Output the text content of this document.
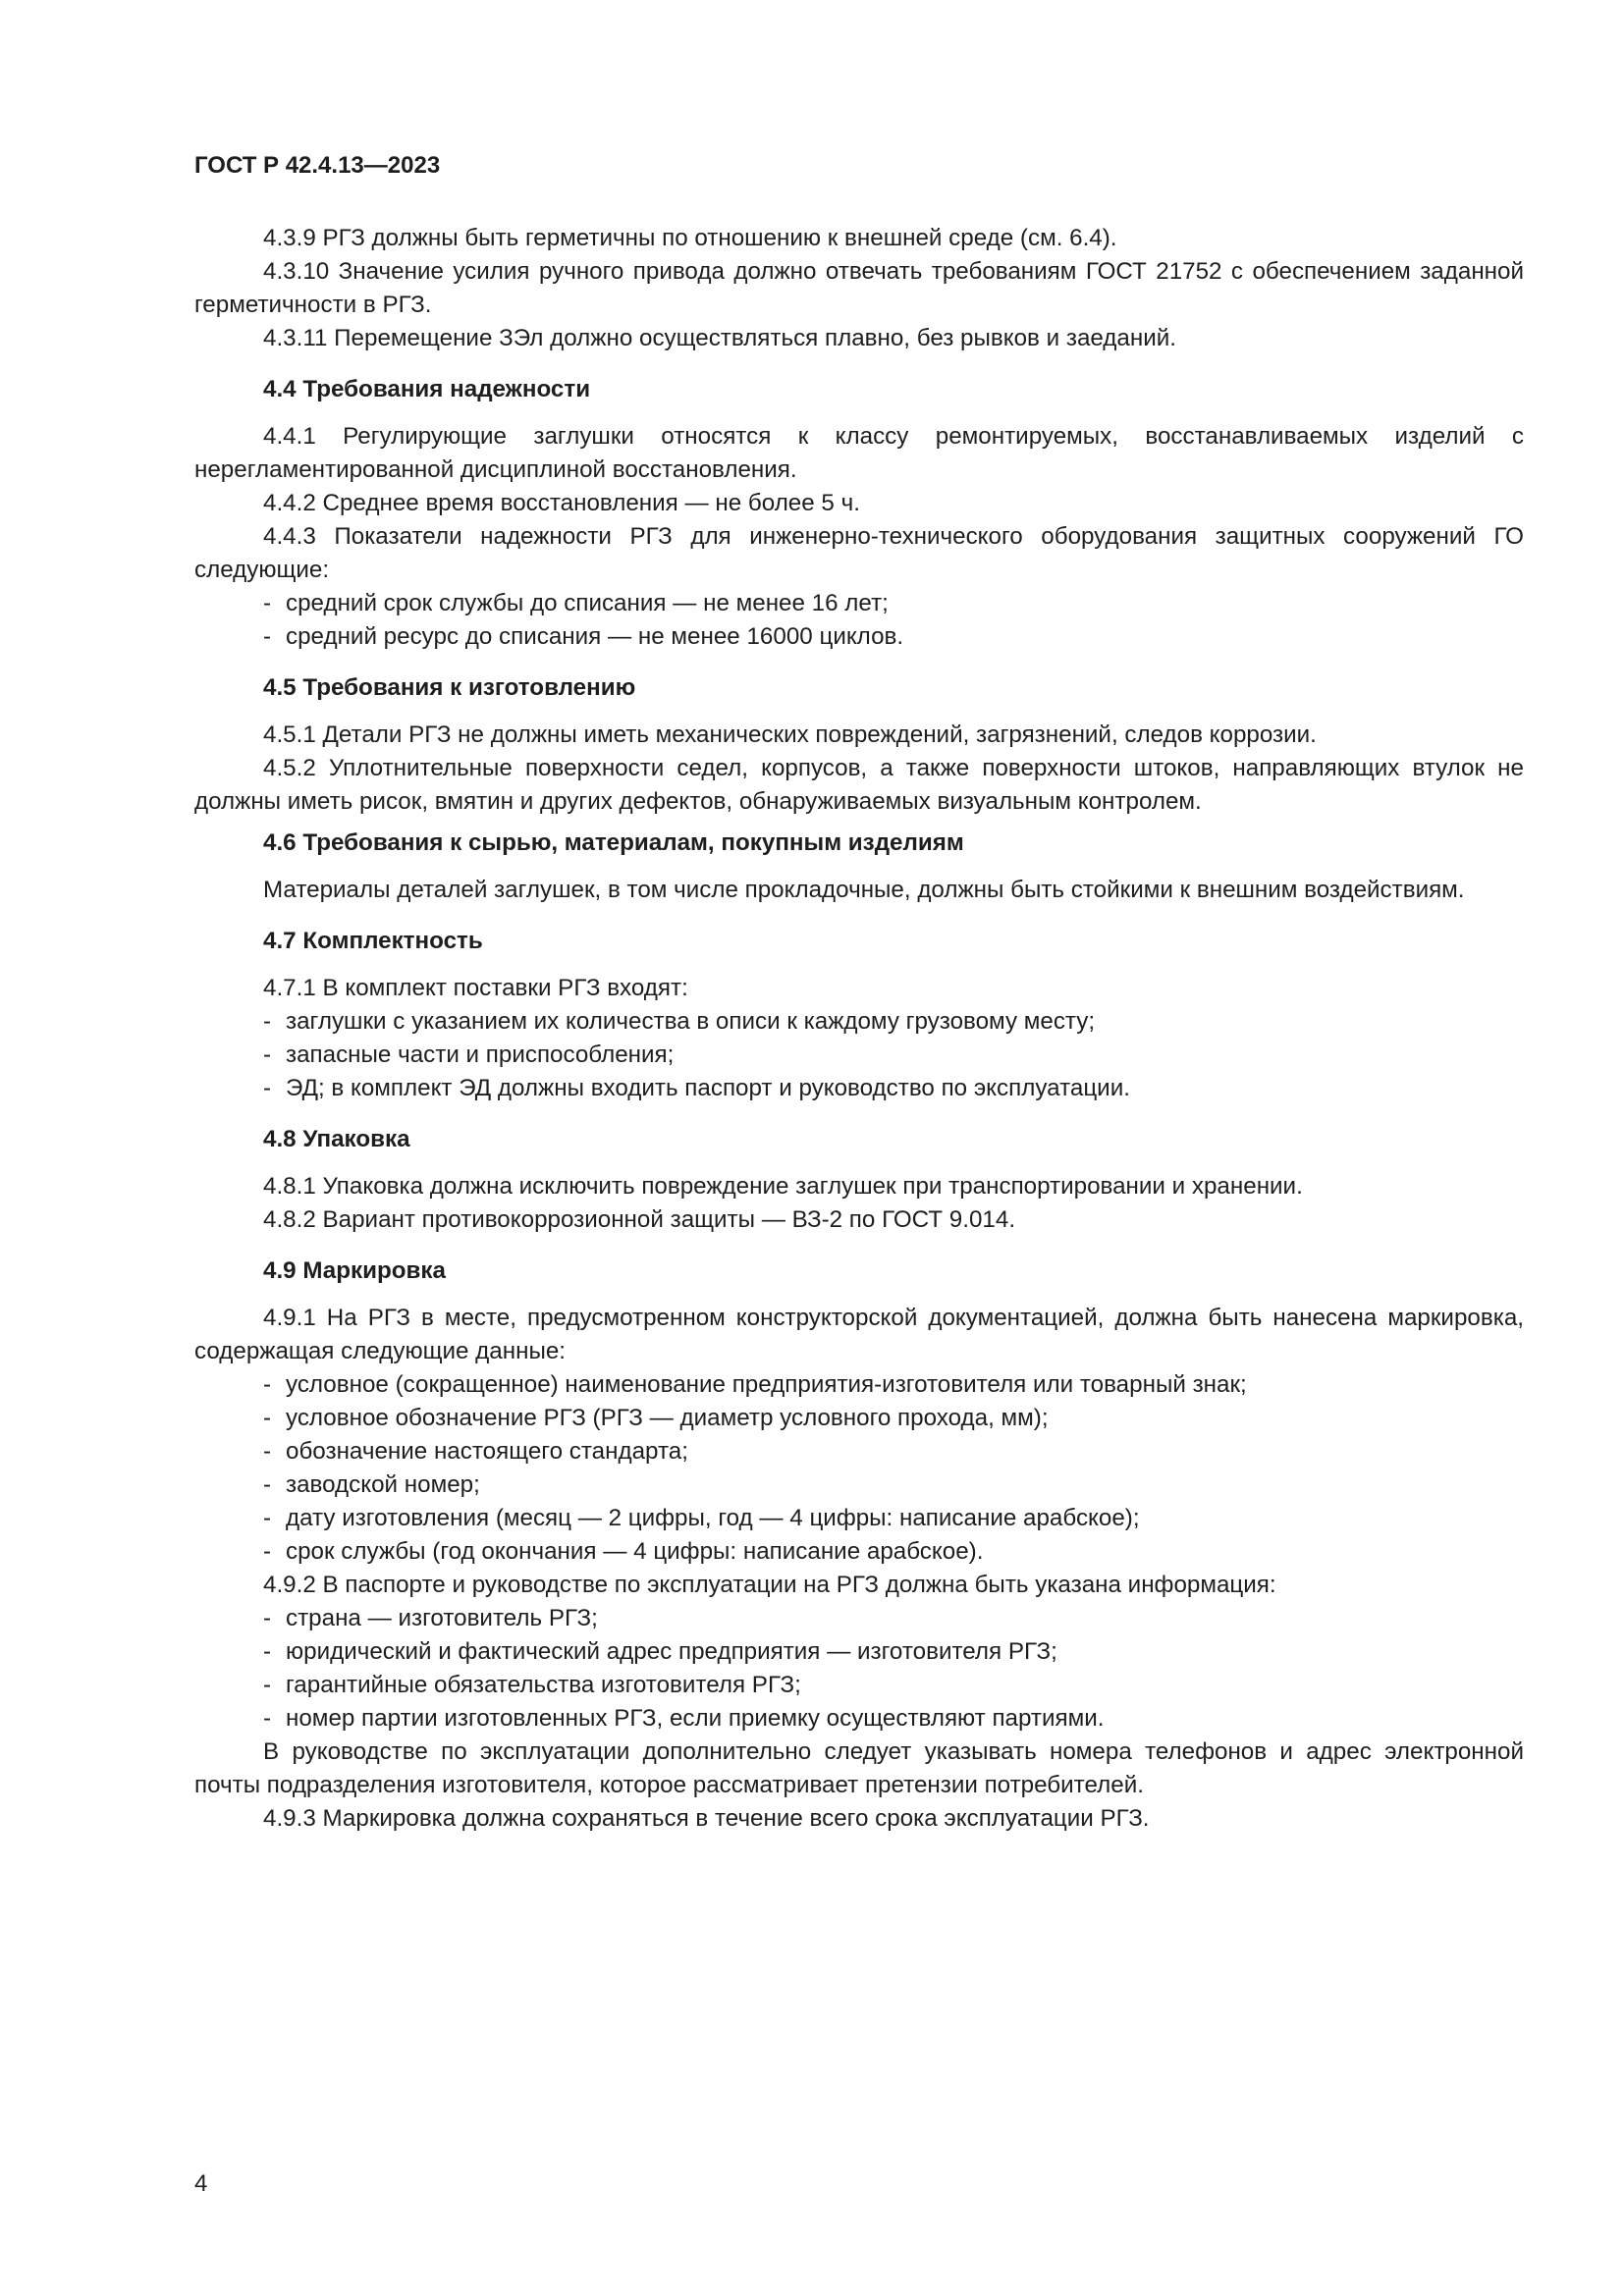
ГОСТ Р 42.4.13—2023

4.3.9 РГЗ должны быть герметичны по отношению к внешней среде (см. 6.4).

4.3.10 Значение усилия ручного привода должно отвечать требованиям ГОСТ 21752 с обеспечением заданной герметичности в РГЗ.

4.3.11 Перемещение ЗЭл должно осуществляться плавно, без рывков и заеданий.

4.4 Требования надежности

4.4.1 Регулирующие заглушки относятся к классу ремонтируемых, восстанавливаемых изделий с нерегламентированной дисциплиной восстановления.

4.4.2 Среднее время восстановления — не более 5 ч.

4.4.3 Показатели надежности РГЗ для инженерно-технического оборудования защитных сооружений ГО следующие:

- средний срок службы до списания — не менее 16 лет;

- средний ресурс до списания — не менее 16000 циклов.

4.5 Требования к изготовлению

4.5.1 Детали РГЗ не должны иметь механических повреждений, загрязнений, следов коррозии.

4.5.2 Уплотнительные поверхности седел, корпусов, а также поверхности штоков, направляющих втулок не должны иметь рисок, вмятин и других дефектов, обнаруживаемых визуальным контролем.

4.6 Требования к сырью, материалам, покупным изделиям

Материалы деталей заглушек, в том числе прокладочные, должны быть стойкими к внешним воздействиям.

4.7 Комплектность

4.7.1 В комплект поставки РГЗ входят:

- заглушки с указанием их количества в описи к каждому грузовому месту;

- запасные части и приспособления;

- ЭД; в комплект ЭД должны входить паспорт и руководство по эксплуатации.

4.8 Упаковка

4.8.1 Упаковка должна исключить повреждение заглушек при транспортировании и хранении.

4.8.2 Вариант противокоррозионной защиты — ВЗ-2 по ГОСТ 9.014.

4.9 Маркировка

4.9.1 На РГЗ в месте, предусмотренном конструкторской документацией, должна быть нанесена маркировка, содержащая следующие данные:

- условное (сокращенное) наименование предприятия-изготовителя или товарный знак;

- условное обозначение РГЗ (РГЗ — диаметр условного прохода, мм);

- обозначение настоящего стандарта;

- заводской номер;

- дату изготовления (месяц — 2 цифры, год — 4 цифры: написание арабское);

- срок службы (год окончания — 4 цифры: написание арабское).

4.9.2 В паспорте и руководстве по эксплуатации на РГЗ должна быть указана информация:

- страна — изготовитель РГЗ;

- юридический и фактический адрес предприятия — изготовителя РГЗ;

- гарантийные обязательства изготовителя РГЗ;

- номер партии изготовленных РГЗ, если приемку осуществляют партиями.

В руководстве по эксплуатации дополнительно следует указывать номера телефонов и адрес электронной почты подразделения изготовителя, которое рассматривает претензии потребителей.

4.9.3 Маркировка должна сохраняться в течение всего срока эксплуатации РГЗ.

4
